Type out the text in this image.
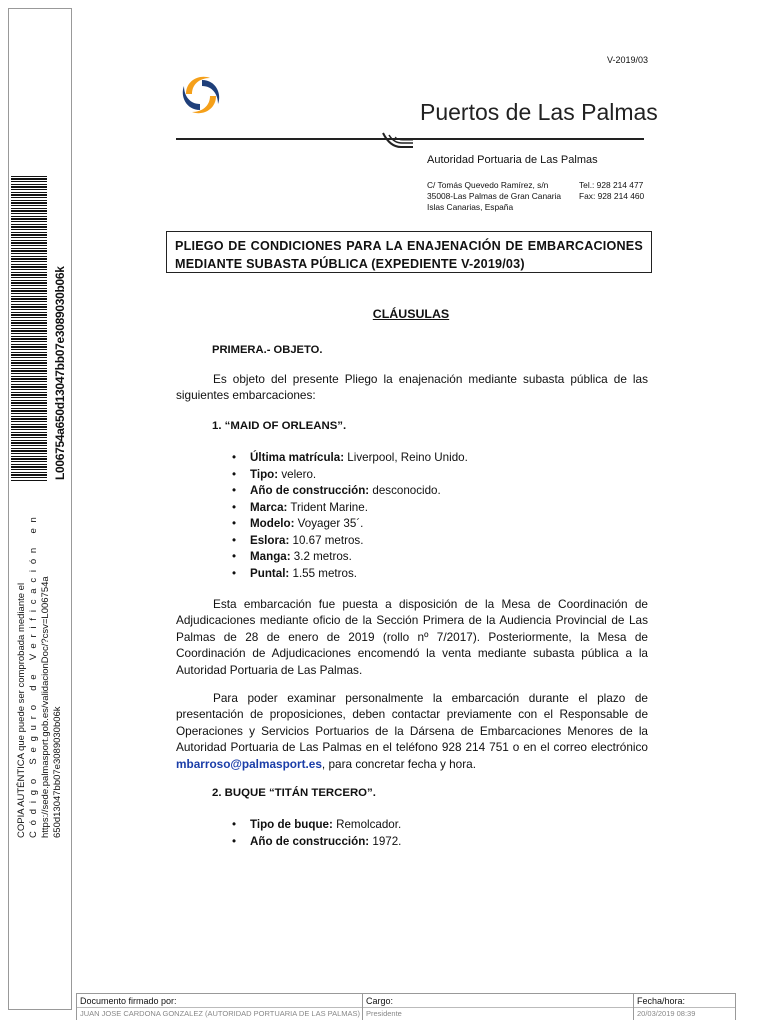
L006754a650d13047bb07e3089030b06k
COPIA AUTÉNTICA que puede ser comprobada mediante el Código Seguro de Verificación en https://sede.palmasport.gob.es/validacionDoc/?csv=L006754a 650d13047bb07e3089030b06k
V-2019/03
Puertos de Las Palmas
Autoridad Portuaria de Las Palmas
C/ Tomás Quevedo Ramírez, s/n
35008-Las Palmas de Gran Canaria
Islas Canarias, España
Tel.: 928 214 477
Fax: 928 214 460
PLIEGO DE CONDICIONES PARA LA ENAJENACIÓN DE EMBARCACIONES
MEDIANTE SUBASTA PÚBLICA (EXPEDIENTE V-2019/03)
CLÁUSULAS
PRIMERA.- OBJETO.
Es objeto del presente Pliego la enajenación mediante subasta pública de las siguientes embarcaciones:
1. “MAID OF ORLEANS”.
• Última matrícula: Liverpool, Reino Unido.
• Tipo: velero.
• Año de construcción: desconocido.
• Marca: Trident Marine.
• Modelo: Voyager 35´.
• Eslora: 10.67 metros.
• Manga: 3.2 metros.
• Puntal: 1.55 metros.
Esta embarcación fue puesta a disposición de la Mesa de Coordinación de Adjudicaciones mediante oficio de la Sección Primera de la Audiencia Provincial de Las Palmas de 28 de enero de 2019 (rollo nº 7/2017). Posteriormente, la Mesa de Coordinación de Adjudicaciones encomendó la venta mediante subasta pública a la Autoridad Portuaria de Las Palmas.
Para poder examinar personalmente la embarcación durante el plazo de presentación de proposiciones, deben contactar previamente con el Responsable de Operaciones y Servicios Portuarios de la Dársena de Embarcaciones Menores de la Autoridad Portuaria de Las Palmas en el teléfono 928 214 751 o en el correo electrónico mbarroso@palmasport.es, para concretar fecha y hora.
2. BUQUE “TITÁN TERCERO”.
• Tipo de buque: Remolcador.
• Año de construcción: 1972.
Documento firmado por:
JUAN JOSE CARDONA GONZALEZ (AUTORIDAD PORTUARIA DE LAS PALMAS)
Cargo:
Presidente
Fecha/hora:
20/03/2019 08:39
